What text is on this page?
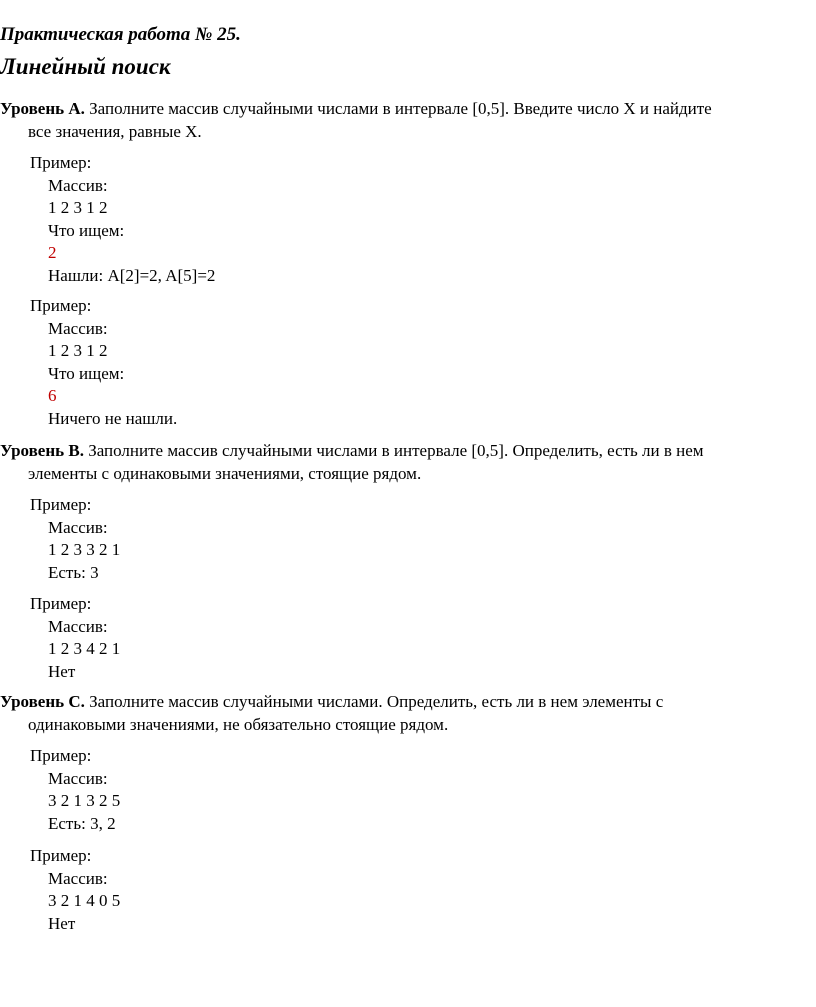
Практическая работа № 25.
Линейный поиск
Уровень А. Заполните массив случайными числами в интервале [0,5]. Введите число Х и найдите
все значения, равные Х.
Пример:
Массив:
1 2 3 1 2
Что ищем:
2
Нашли: A[2]=2, A[5]=2
Пример:
Массив:
1 2 3 1 2
Что ищем:
6
Ничего не нашли.
Уровень В. Заполните массив случайными числами в интервале [0,5]. Определить, есть ли в нем
элементы с одинаковыми значениями, стоящие рядом.
Пример:
Массив:
1 2 3 3 2 1
Есть: 3
Пример:
Массив:
1 2 3 4 2 1
Нет
Уровень С. Заполните массив случайными числами. Определить, есть ли в нем элементы с
одинаковыми значениями, не обязательно стоящие рядом.
Пример:
Массив:
3 2 1 3 2 5
Есть: 3, 2
Пример:
Массив:
3 2 1 4 0 5
Нет
